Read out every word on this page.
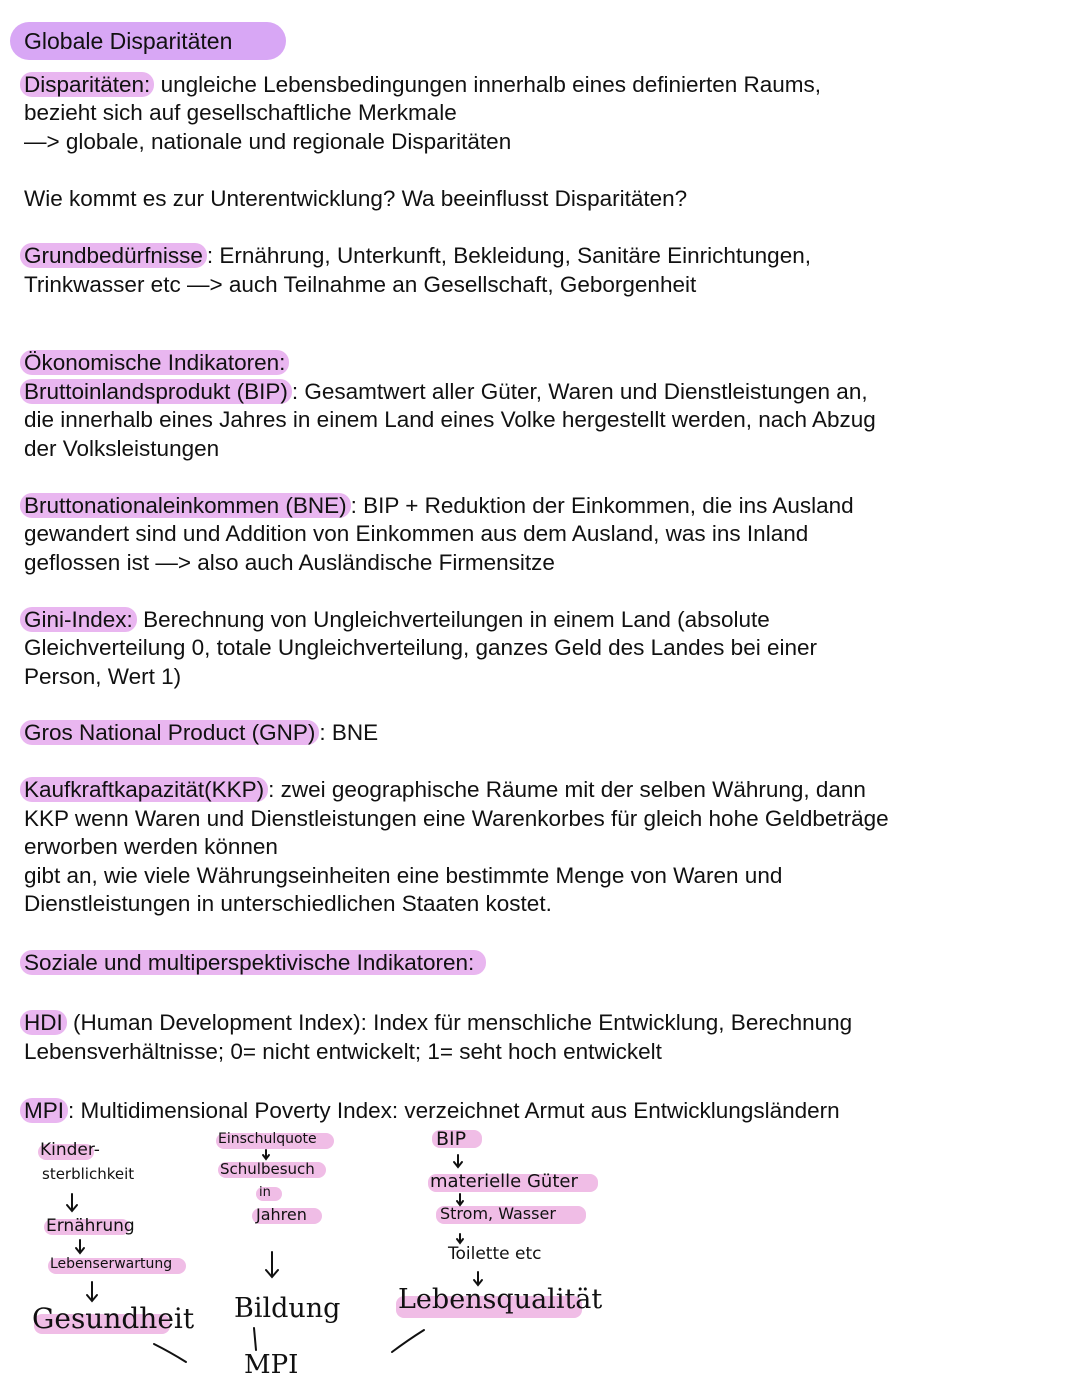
Globale Disparitäten

Disparitäten: ungleiche Lebensbedingungen innerhalb eines definierten Raums,

bezieht sich auf gesellschaftliche Merkmale

—> globale, nationale und regionale Disparitäten

Wie kommt es zur Unterentwicklung? Wa beeinflusst Disparitäten?

Grundbedürfnisse : Ernährung, Unterkunft, Bekleidung, Sanitäre Einrichtungen,

Trinkwasser etc —> auch Teilnahme an Gesellschaft, Geborgenheit

Ökonomische Indikatoren:

Bruttoinlandsprodukt (BIP) : Gesamtwert aller Güter, Waren und Dienstleistungen an,

die innerhalb eines Jahres in einem Land eines Volke hergestellt werden, nach Abzug

der Volksleistungen

Bruttonationaleinkommen (BNE) : BIP + Reduktion der Einkommen, die ins Ausland

gewandert sind und Addition von Einkommen aus dem Ausland, was ins Inland

geflossen ist —> also auch Ausländische Firmensitze

Gini-Index: Berechnung von Ungleichverteilungen in einem Land (absolute

Gleichverteilung 0, totale Ungleichverteilung, ganzes Geld des Landes bei einer

Person, Wert 1)

Gros National Product (GNP) : BNE

Kaufkraftkapazität(KKP) : zwei geographische Räume mit der selben Währung, dann

KKP wenn Waren und Dienstleistungen eine Warenkorbes für gleich hohe Geldbeträge

erworben werden können

gibt an, wie viele Währungseinheiten eine bestimmte Menge von Waren und

Dienstleistungen in unterschiedlichen Staaten kostet.

Soziale und multiperspektivische Indikatoren:

HDI (Human Development Index): Index für menschliche Entwicklung, Berechnung

Lebensverhältnisse; 0= nicht entwickelt; 1= seht hoch entwickelt

MPI : Multidimensional Poverty Index: verzeichnet Armut aus Entwicklungsländern

Kinder-
sterblichkeit
Ernährung
Lebenserwartung
Gesundheit
Einschulquote
Schulbesuch
in
Jahren
Bildung
MPI
BIP
materielle Güter
Strom, Wasser
Toilette etc
Lebensqualität
